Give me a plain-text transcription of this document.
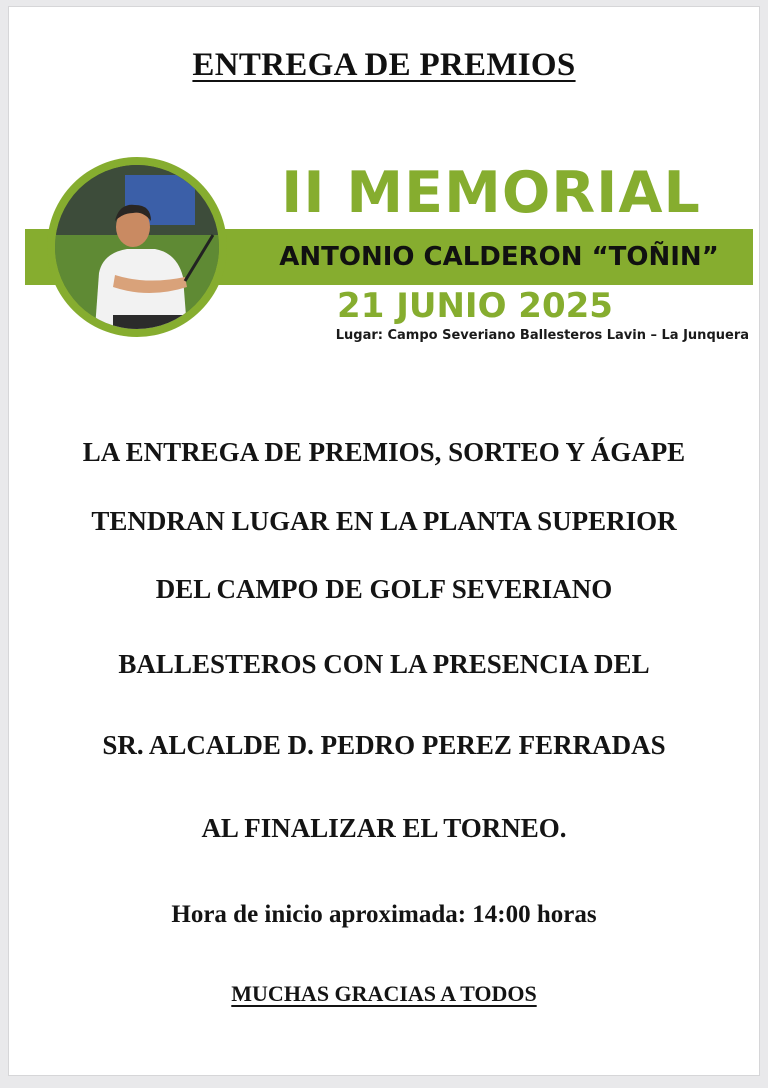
ENTREGA DE PREMIOS
II MEMORIAL
ANTONIO CALDERON “TOÑIN”
21 JUNIO 2025
Lugar: Campo Severiano Ballesteros Lavin – La Junquera
LA ENTREGA DE PREMIOS, SORTEO Y ÁGAPE
TENDRAN LUGAR EN LA PLANTA SUPERIOR
DEL CAMPO DE GOLF SEVERIANO
BALLESTEROS CON LA PRESENCIA DEL
SR. ALCALDE D. PEDRO PEREZ FERRADAS
AL FINALIZAR EL TORNEO.
Hora de inicio aproximada: 14:00 horas
MUCHAS GRACIAS A TODOS
